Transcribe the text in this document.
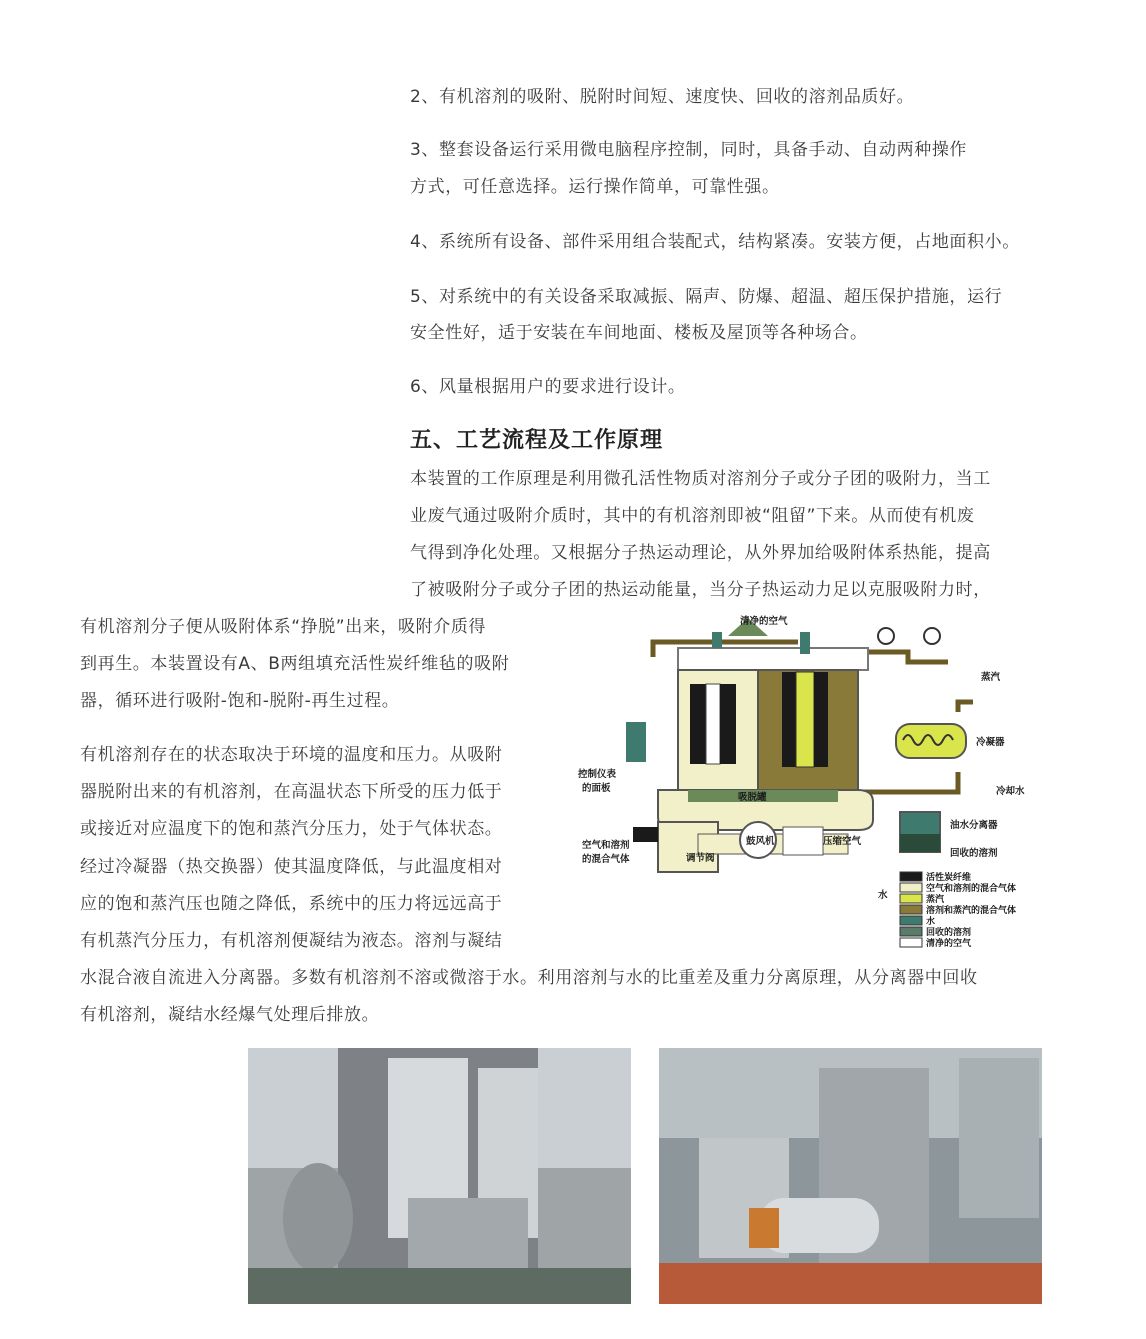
2、有机溶剂的吸附、脱附时间短、速度快、回收的溶剂品质好。
3、整套设备运行采用微电脑程序控制，同时，具备手动、自动两种操作
方式，可任意选择。运行操作简单，可靠性强。
4、系统所有设备、部件采用组合装配式，结构紧凑。安装方便，占地面积小。
5、对系统中的有关设备采取减振、隔声、防爆、超温、超压保护措施，运行
安全性好，适于安装在车间地面、楼板及屋顶等各种场合。
6、风量根据用户的要求进行设计。
五、工艺流程及工作原理
本装置的工作原理是利用微孔活性物质对溶剂分子或分子团的吸附力，当工
业废气通过吸附介质时，其中的有机溶剂即被“阻留”下来。从而使有机废
气得到净化处理。又根据分子热运动理论，从外界加给吸附体系热能，提高
了被吸附分子或分子团的热运动能量，当分子热运动力足以克服吸附力时，
有机溶剂分子便从吸附体系“挣脱”出来，吸附介质得
到再生。本装置设有A、B两组填充活性炭纤维毡的吸附
器，循环进行吸附-饱和-脱附-再生过程。
有机溶剂存在的状态取决于环境的温度和压力。从吸附
器脱附出来的有机溶剂，在高温状态下所受的压力低于
或接近对应温度下的饱和蒸汽分压力，处于气体状态。
经过冷凝器（热交换器）使其温度降低，与此温度相对
应的饱和蒸汽压也随之降低，系统中的压力将远远高于
有机蒸汽分压力，有机溶剂便凝结为液态。溶剂与凝结
水混合液自流进入分离器。多数有机溶剂不溶或微溶于水。利用溶剂与水的比重差及重力分离原理，从分离器中回收
有机溶剂，凝结水经爆气处理后排放。
清净的空气
吸脱罐
控制仪表
的面板
空气和溶剂
的混合气体	调节阀
鼓风机	压缩空气
蒸汽
冷凝器
冷却水
油水分离器
回收的溶剂
水
活性炭纤维
空气和溶剂的混合气体
蒸汽
溶剂和蒸汽的混合气体
水
回收的溶剂
清净的空气
